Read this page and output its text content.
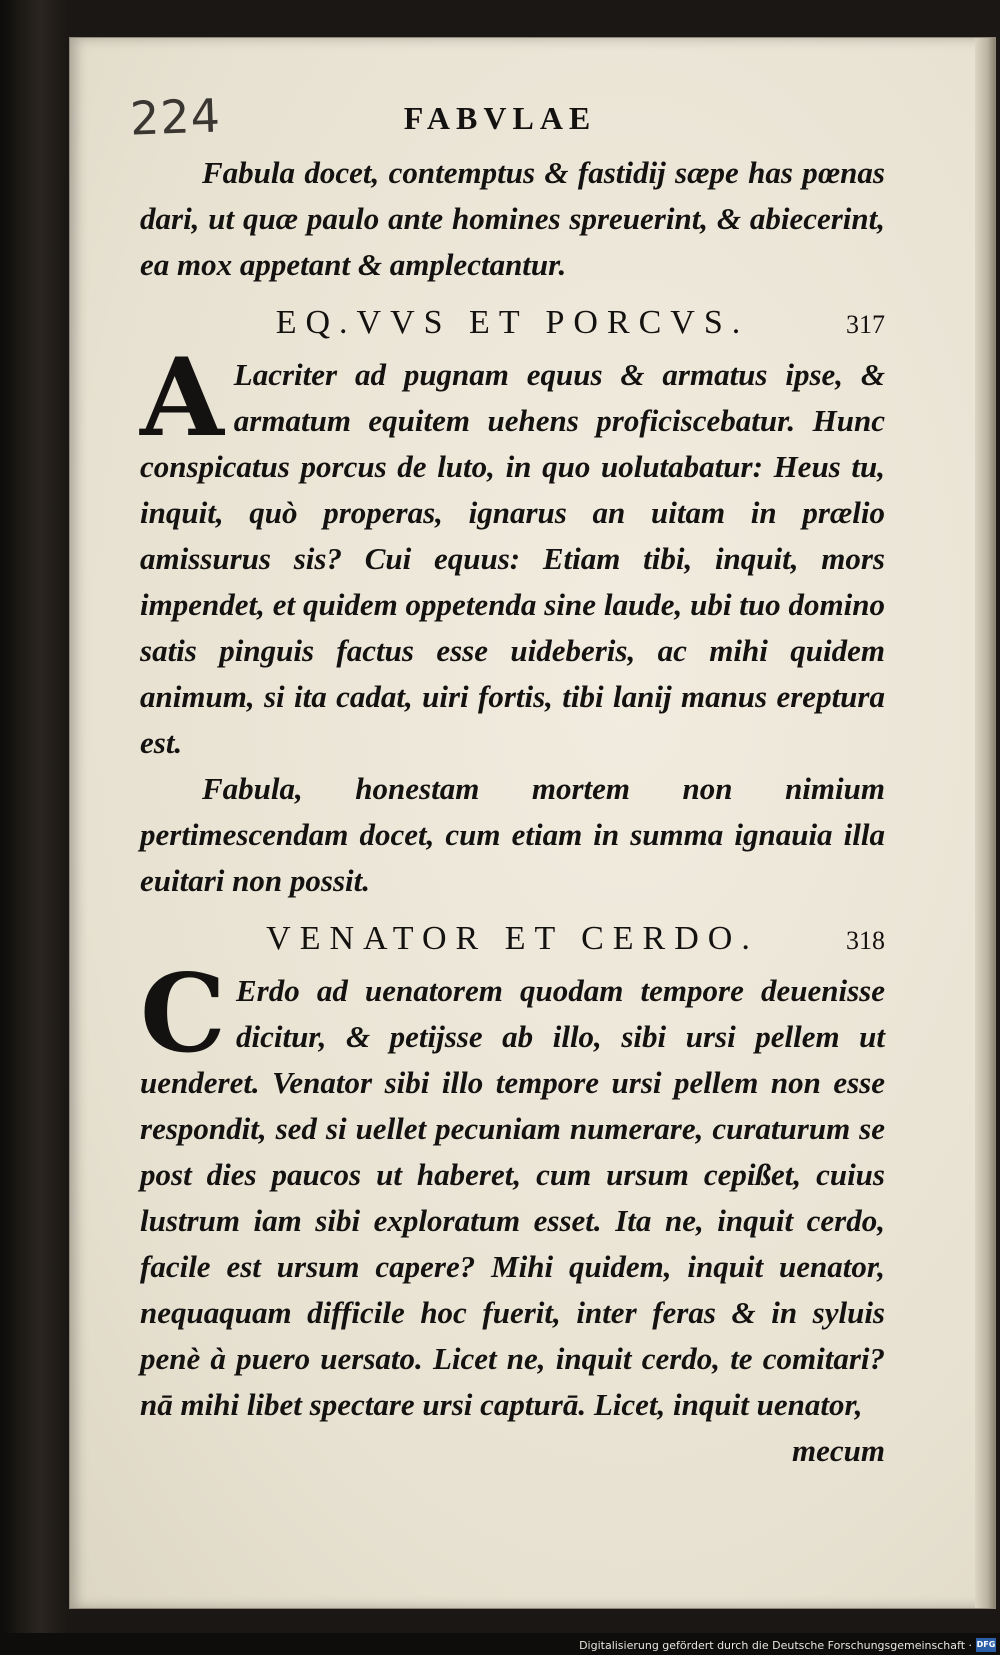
224	FABVLAE

Fabula docet, contemptus & fastidij sæpe has pœnas dari, ut quæ paulo ante homines spreuerint, & abiecerint, ea mox appetant & amplectantur.

EQ.VVS ET PORCVS.	317

A Lacriter ad pugnam equus & armatus ipse, & armatum equitem uehens proficiscebatur. Hunc conspicatus porcus de luto, in quo uolutabatur: Heus tu, inquit, quò properas, ignarus an uitam in prælio amissurus sis? Cui equus: Etiam tibi, inquit, mors impendet, et quidem oppetenda sine laude, ubi tuo domino satis pinguis factus esse uideberis, ac mihi quidem animum, si ita cadat, uiri fortis, tibi lanij manus ereptura est.

Fabula, honestam mortem non nimium pertimescendam docet, cum etiam in summa ignauia illa euitari non possit.

VENATOR ET CERDO.	318

C Erdo ad uenatorem quodam tempore deuenisse dicitur, & petijsse ab illo, sibi ursi pellem ut uenderet. Venator sibi illo tempore ursi pellem non esse respondit, sed si uellet pecuniam numerare, curaturum se post dies paucos ut haberet, cum ursum cepißet, cuius lustrum iam sibi exploratum esset. Ita ne, inquit cerdo, facile est ursum capere? Mihi quidem, inquit uenator, nequaquam difficile hoc fuerit, inter feras & in syluis penè à puero uersato. Licet ne, inquit cerdo, te comitari? nā mihi libet spectare ursi capturā. Licet, inquit uenator,

mecum

Digitalisierung gefördert durch die Deutsche Forschungsgemeinschaft · DFG
